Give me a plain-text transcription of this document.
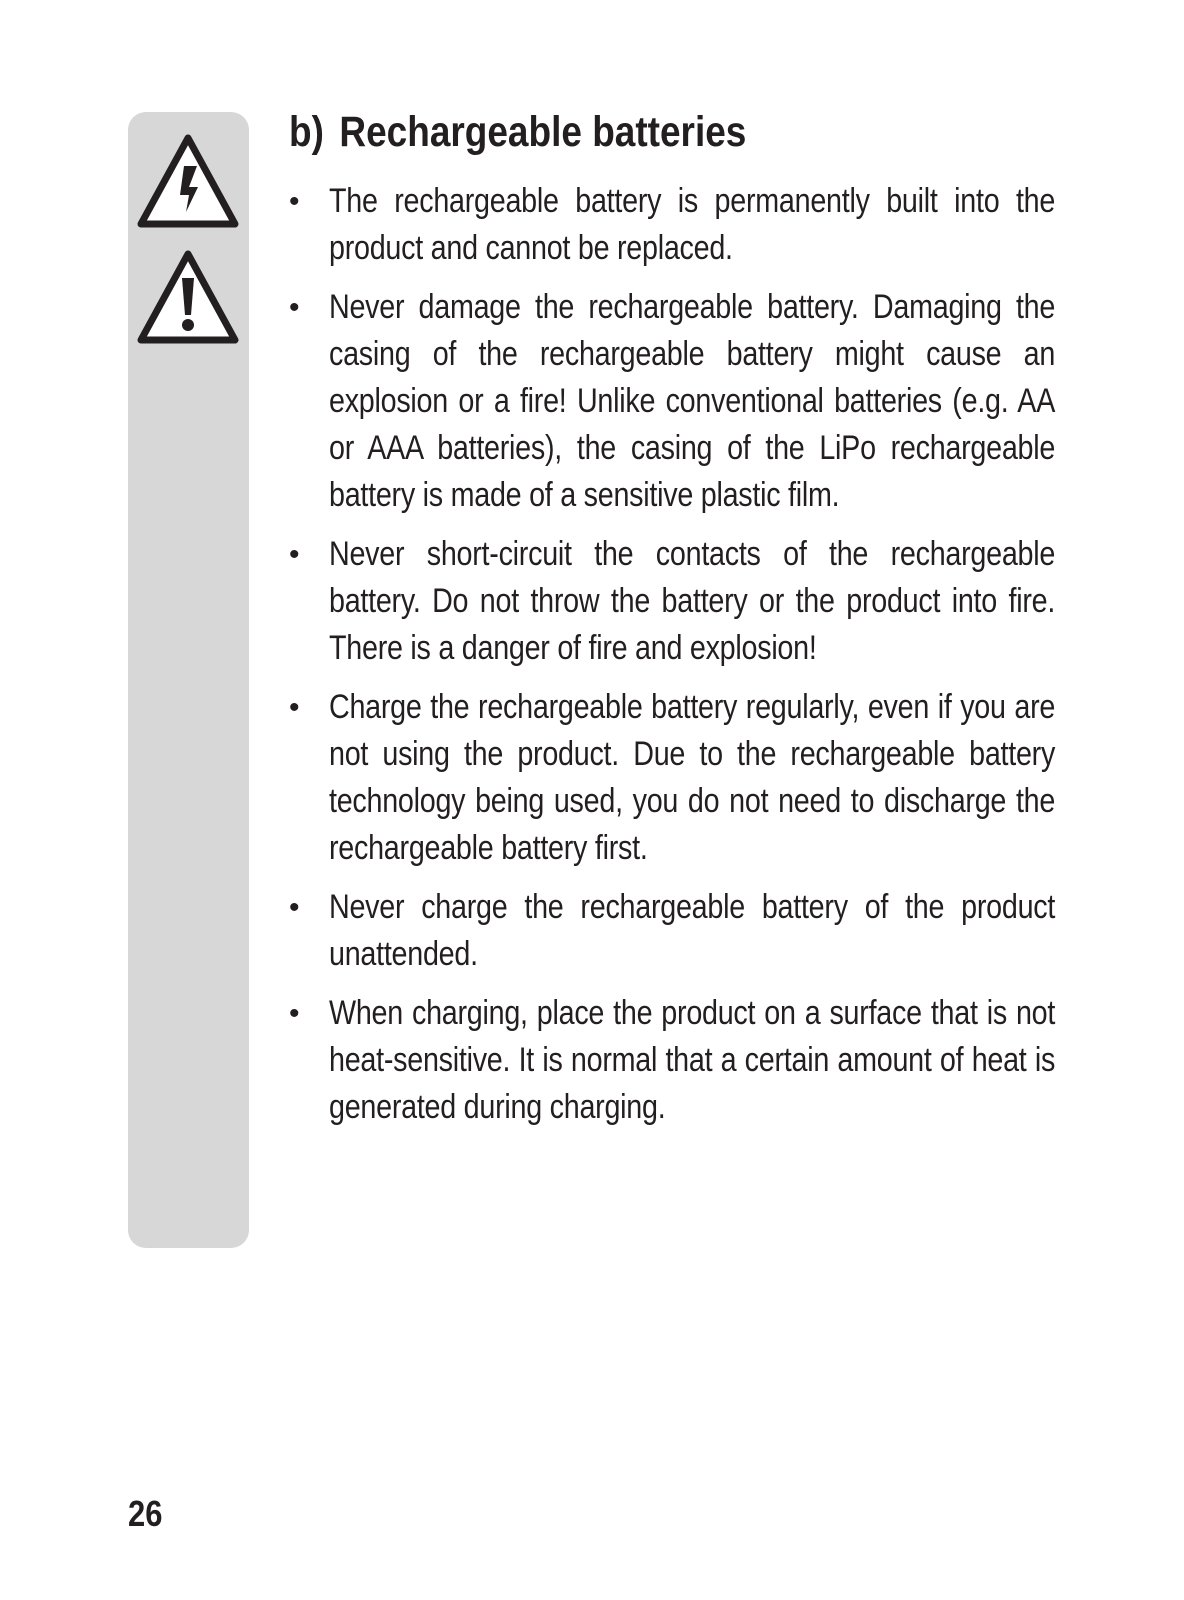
b) Rechargeable batteries
• The rechargeable battery is permanently built into the product and cannot be replaced.
• Never damage the rechargeable battery. Damaging the casing of the rechargeable battery might cause an explosion or a fire! Unlike conventional batteries (e.g. AA or AAA batteries), the casing of the LiPo rechargeable battery is made of a sensitive plastic film.
• Never short-circuit the contacts of the rechargeable battery. Do not throw the battery or the product into fire. There is a danger of fire and explosion!
• Charge the rechargeable battery regularly, even if you are not using the product. Due to the rechargeable battery technology being used, you do not need to discharge the rechargeable battery first.
• Never charge the rechargeable battery of the product unattended.
• When charging, place the product on a surface that is not heat-sensitive. It is normal that a certain amount of heat is generated during charging.
26
